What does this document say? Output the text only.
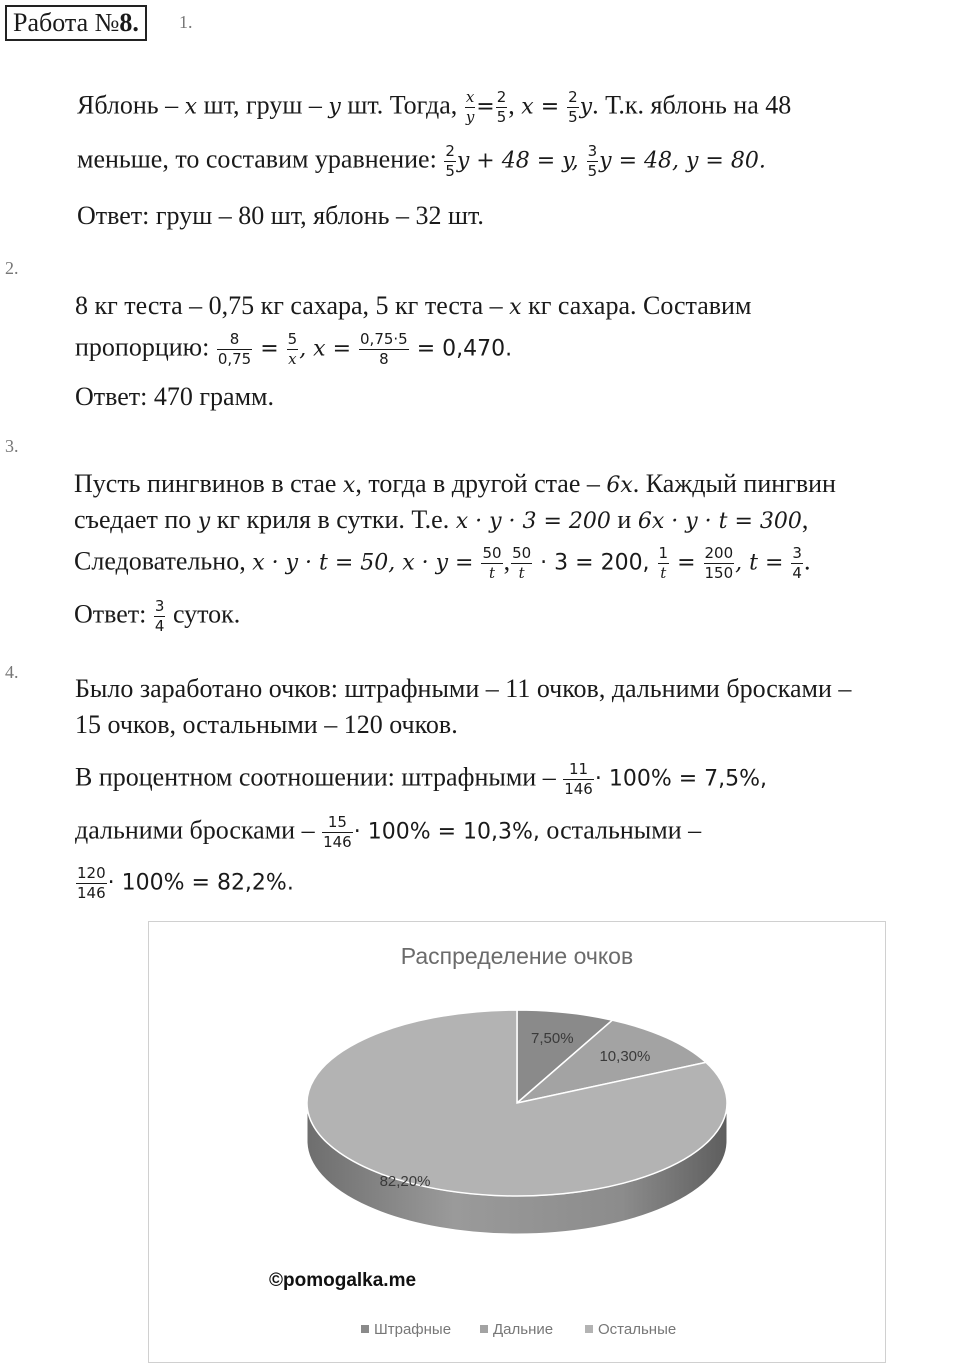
Работа №8.	1.
Яблонь – x шт, груш – y шт. Тогда, $\frac{x}{y} = \frac{2}{5}$ , $x = \frac{2}{5} y$. Т.к. яблонь на 48
меньше, то составим уравнение: $\frac{2}{5}$ y + 48 = y, $\frac{3}{5}$ y = 48, y = 80.
Ответ: груш – 80 шт, яблонь – 32 шт.
2.
8 кг теста – 0,75 кг сахара, 5 кг теста – x кг сахара. Составим
пропорцию: $\frac{8}{0,75} = \frac{5}{x}$ , $x = \frac{0,75\cdot 5}{8} = 0,470$.
Ответ: 470 грамм.
3.
Пусть пингвинов в стае x, тогда в другой стае – 6x. Каждый пингвин
съедает по y кг криля в сутки. Т.е. x · y · 3 = 200 и 6x · y · t = 300,
Следовательно, x · y · t = 50, $x \cdot y = \frac{50}{t}$ , $\frac{50}{t} \cdot 3 = 200$, $\frac{1}{t} = \frac{200}{150}$ , $t = \frac{3}{4}$ .
Ответ: $\frac{3}{4}$ суток.
4.
Было заработано очков: штрафными – 11 очков, дальними бросками –
15 очков, остальными – 120 очков.
В процентном соотношении: штрафными – $\frac{11}{146} \cdot 100\% = 7,5\%$,
дальними бросками – $\frac{15}{146} \cdot 100\% = 10,3\%$, остальными –
$\frac{120}{146} \cdot 100\% = 82,2\%$.
Распределение очков
7,50%
10,30%
82,20%
©pomogalka.me
Штрафные	Дальние	Остальные
